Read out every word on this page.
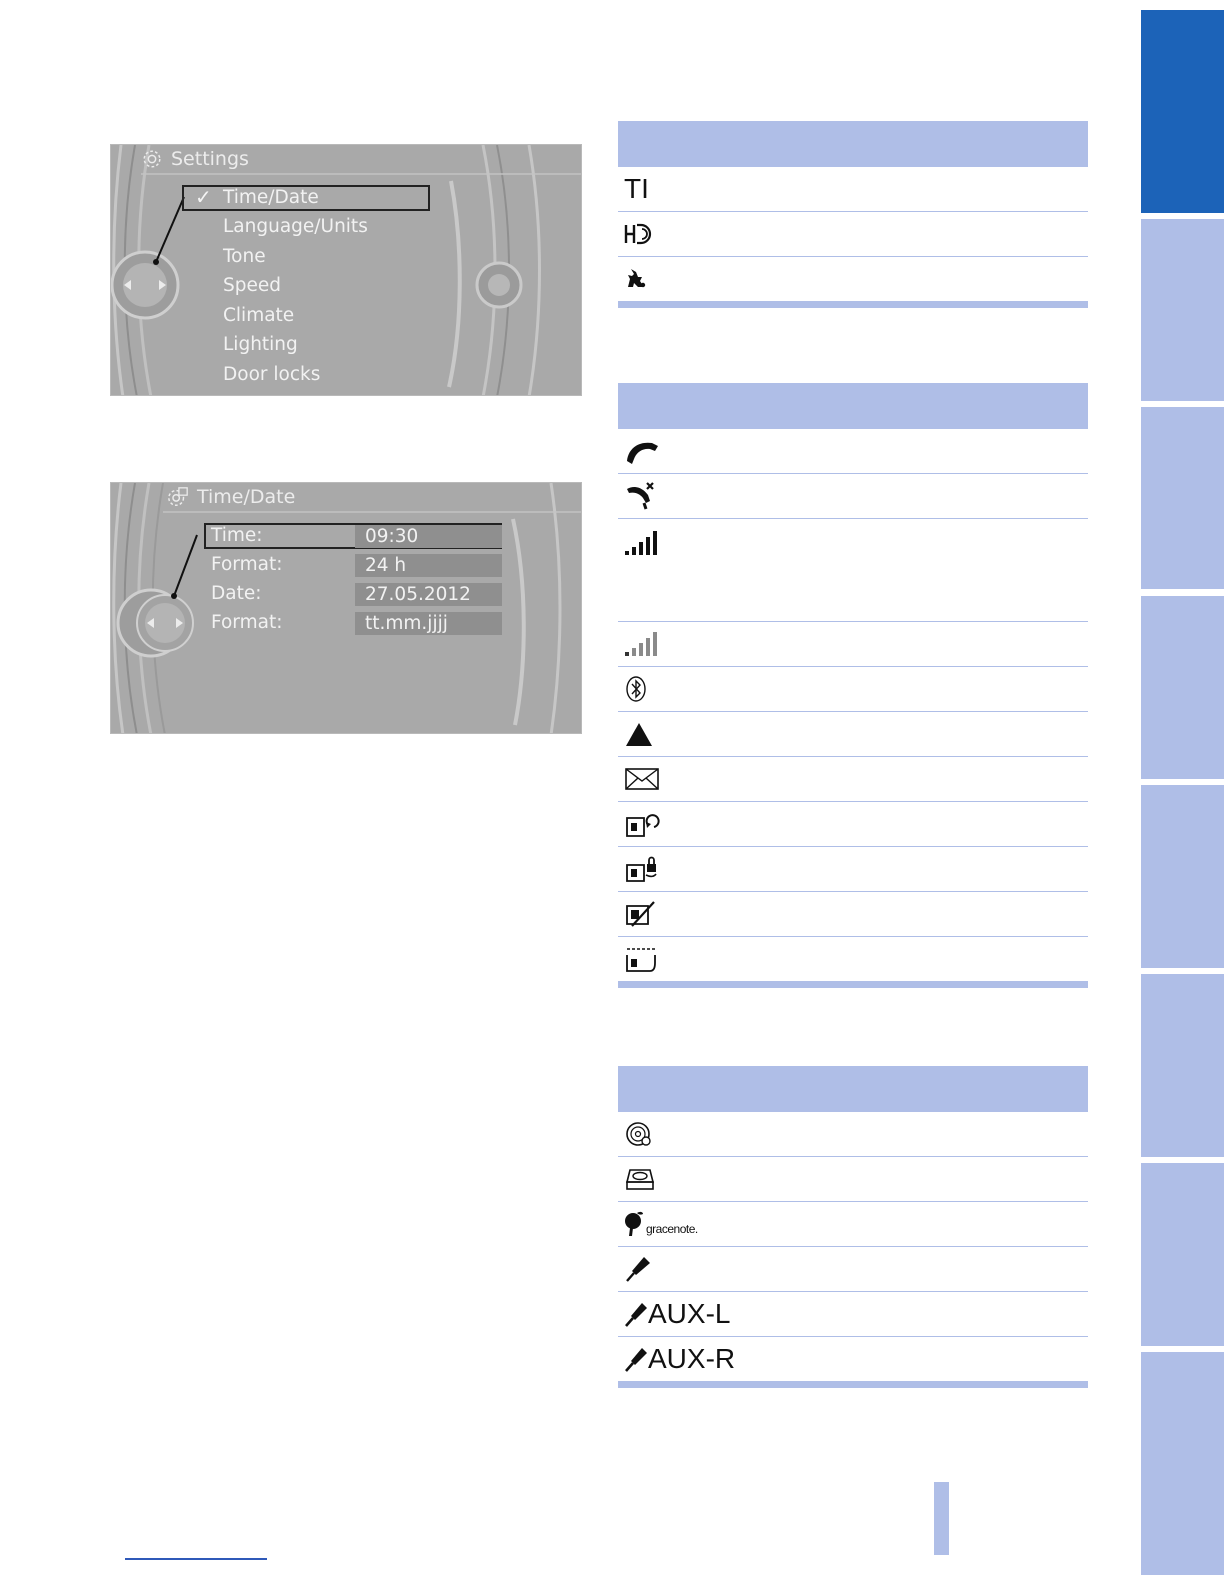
Settings
✓ Time/Date
Language/Units
Tone
Speed
Climate
Lighting
Door locks
Time/Date
Time:	09:30
Format:	24 h
Date:	27.05.2012
Format:	tt.mm.jjjj
TI
gracenote.
AUX-L
AUX-R
